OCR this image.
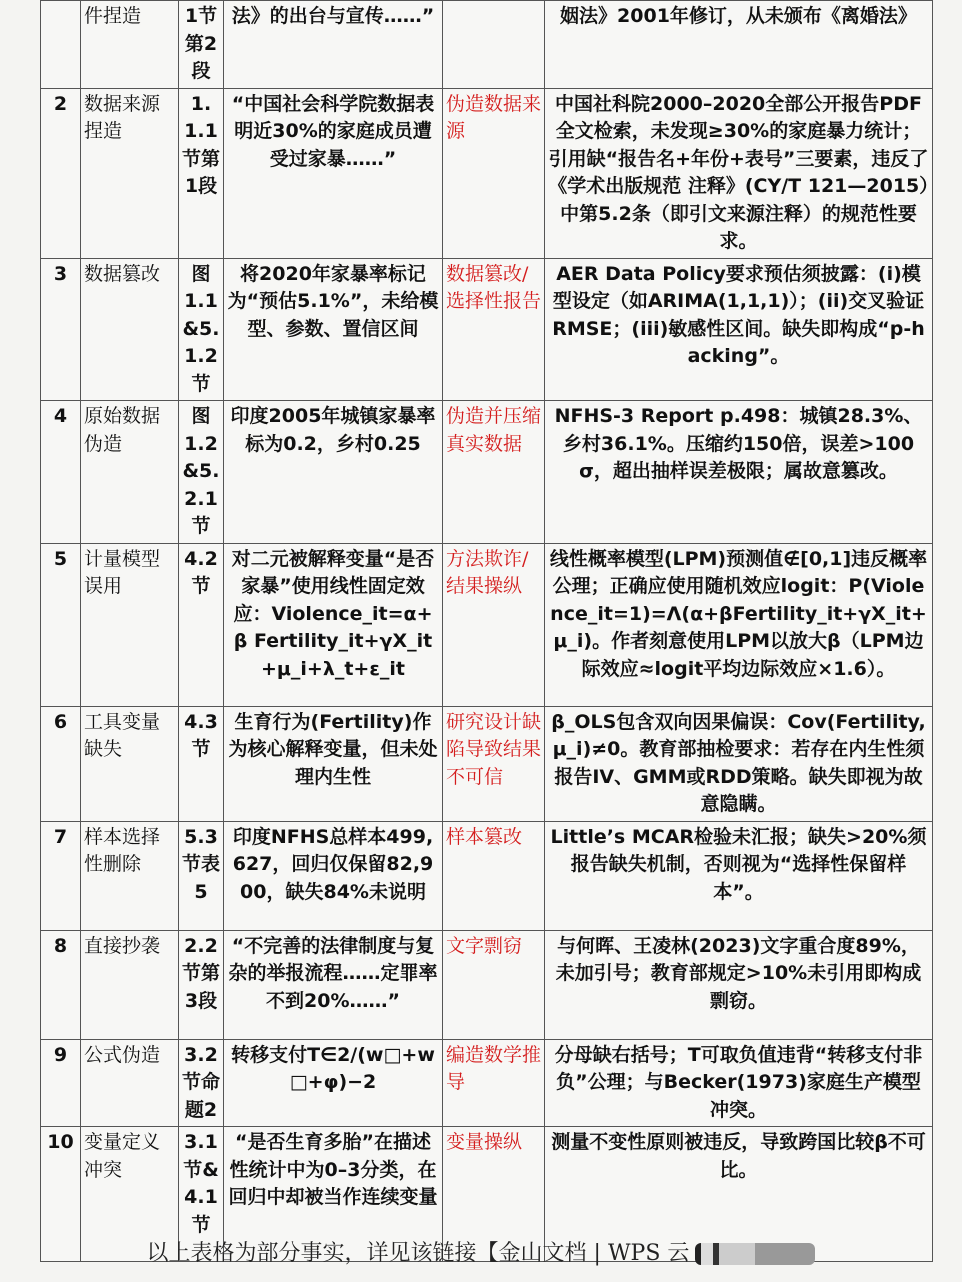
	件捏造	1节第2段	法》的出台与宣传……”		姻法》2001年修订，从未颁布《离婚法》
2	数据来源捏造	1.1.1节第1段	“中国社会科学院数据表明近30%的家庭成员遭受过家暴……”	伪造数据来源	中国社科院2000–2020全部公开报告PDF全文检索，未发现≥30%的家庭暴力统计；引用缺“报告名+年份+表号”三要素，违反了《学术出版规范 注释》(CY/T 121—2015）中第5.2条（即引文来源注释）的规范性要求。
3	数据篡改	图1.1&5.1.2节	将2020年家暴率标记为“预估5.1%”，未给模型、参数、置信区间	数据篡改/选择性报告	AER Data Policy要求预估须披露：(i)模型设定（如ARIMA(1,1,1)）；(ii)交叉验证RMSE；(iii)敏感性区间。缺失即构成“p-hacking”。
4	原始数据伪造	图1.2&5.2.1节	印度2005年城镇家暴率标为0.2，乡村0.25	伪造并压缩真实数据	NFHS-3 Report p.498：城镇28.3%、乡村36.1%。压缩约150倍，误差>100σ，超出抽样误差极限；属故意篡改。
5	计量模型误用	4.2节	对二元被解释变量“是否家暴”使用线性固定效应：Violence_it=α+β Fertility_it+γX_it+μ_i+λ_t+ε_it	方法欺诈/结果操纵	线性概率模型(LPM)预测值∉[0,1]违反概率公理；正确应使用随机效应logit：P(Violence_it=1)=Λ(α+βFertility_it+γX_it+μ_i)。作者刻意使用LPM以放大β（LPM边际效应≈logit平均边际效应×1.6）。
6	工具变量缺失	4.3节	生育行为(Fertility)作为核心解释变量，但未处理内生性	研究设计缺陷导致结果不可信	β_OLS包含双向因果偏误：Cov(Fertility,μ_i)≠0。教育部抽检要求：若存在内生性须报告IV、GMM或RDD策略。缺失即视为故意隐瞒。
7	样本选择性删除	5.3节表5	印度NFHS总样本499,627，回归仅保留82,900，缺失84%未说明	样本篡改	Little’s MCAR检验未汇报；缺失>20%须报告缺失机制，否则视为“选择性保留样本”。
8	直接抄袭	2.2节第3段	“不完善的法律制度与复杂的举报流程……定罪率不到20%……”	文字剽窃	与何晖、王凌林(2023)文字重合度89%，未加引号；教育部规定>10%未引用即构成剽窃。
9	公式伪造	3.2节命题2	转移支付T∈2/(w□+w□+φ)−2	编造数学推导	分母缺右括号；T可取负值违背“转移支付非负”公理；与Becker(1973)家庭生产模型冲突。
10	变量定义冲突	3.1节&4.1节	“是否生育多胎”在描述性统计中为0–3分类，在回归中却被当作连续变量	变量操纵	测量不变性原则被违反，导致跨国比较β不可比。
以上表格为部分事实，详见该链接【金山文档 | WPS 云
